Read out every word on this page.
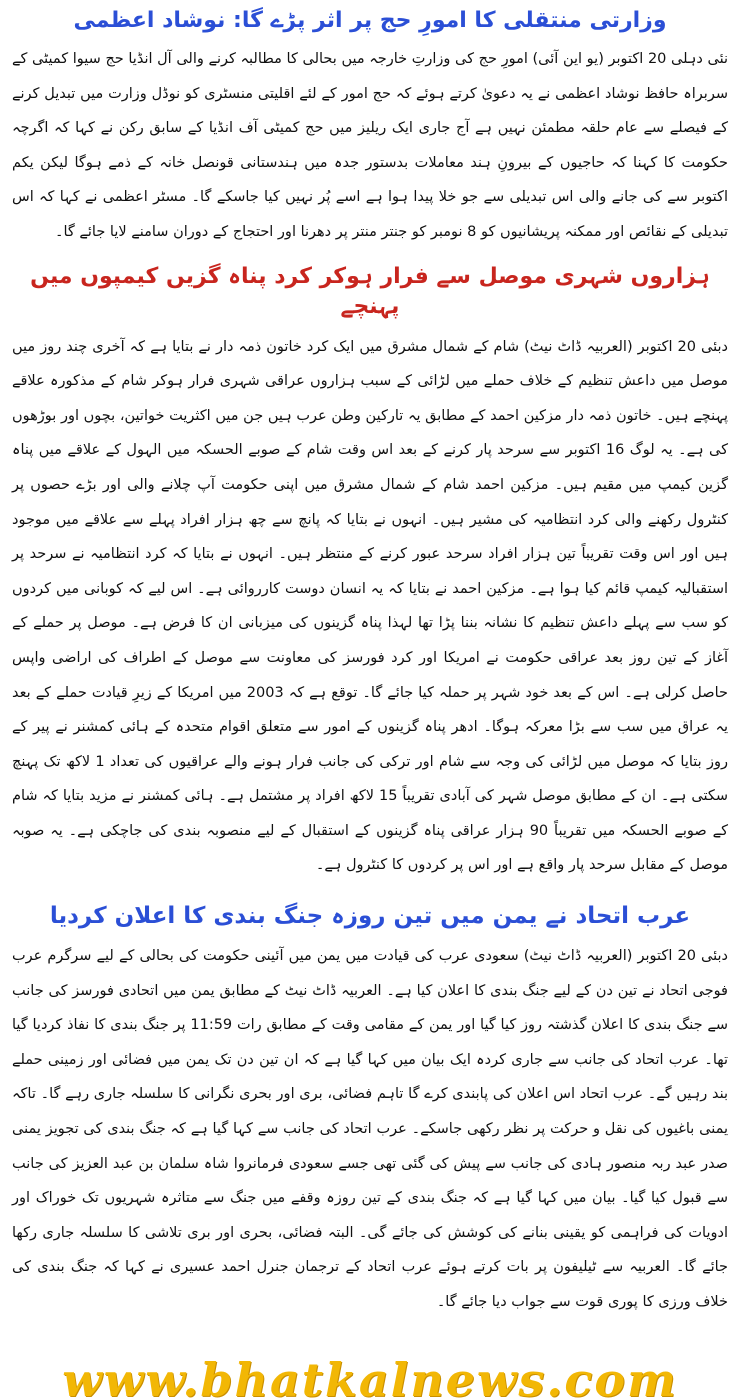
وزارتی منتقلی کا امورِ حج پر اثر پڑے گا: نوشاد اعظمی

نئی دہلی 20 اکتوبر (یو این آئی) امورِ حج کی وزارتِ خارجہ میں بحالی کا مطالبہ کرنے والی آل انڈیا حج سیوا کمیٹی کے سربراہ حافظ نوشاد اعظمی نے یہ دعویٰ کرتے ہوئے کہ حج امور کے لئے اقلیتی منسٹری کو نوڈل وزارت میں تبدیل کرنے کے فیصلے سے عام حلقہ مطمئن نہیں ہے آج جاری ایک ریلیز میں حج کمیٹی آف انڈیا کے سابق رکن نے کہا کہ اگرچہ حکومت کا کہنا کہ حاجیوں کے بیرونِ ہند معاملات بدستور جدہ میں ہندستانی قونصل خانہ کے ذمے ہوگا لیکن یکم اکتوبر سے کی جانے والی اس تبدیلی سے جو خلا پیدا ہوا ہے اسے پُر نہیں کیا جاسکے گا۔ مسٹر اعظمی نے کہا کہ اس تبدیلی کے نقائص اور ممکنہ پریشانیوں کو 8 نومبر کو جنتر منتر پر دھرنا اور احتجاج کے دوران سامنے لایا جائے گا۔

ہزاروں شہری موصل سے فرار ہوکر کرد پناہ گزیں کیمپوں میں پہنچے

دبئی 20 اکتوبر (العربیہ ڈاٹ نیٹ) شام کے شمال مشرق میں ایک کرد خاتون ذمہ دار نے بتایا ہے کہ آخری چند روز میں موصل میں داعش تنظیم کے خلاف حملے میں لڑائی کے سبب ہزاروں عراقی شہری فرار ہوکر شام کے مذکورہ علاقے پہنچے ہیں۔ خاتون ذمہ دار مزکین احمد کے مطابق یہ تارکین وطن عرب ہیں جن میں اکثریت خواتین، بچوں اور بوڑھوں کی ہے۔ یہ لوگ 16 اکتوبر سے سرحد پار کرنے کے بعد اس وقت شام کے صوبے الحسکہ میں الہول کے علاقے میں پناہ گزین کیمپ میں مقیم ہیں۔ مزکین احمد شام کے شمال مشرق میں اپنی حکومت آپ چلانے والی اور بڑے حصوں پر کنٹرول رکھنے والی کرد انتظامیہ کی مشیر ہیں۔ انہوں نے بتایا کہ پانچ سے چھ ہزار افراد پہلے سے علاقے میں موجود ہیں اور اس وقت تقریباً تین ہزار افراد سرحد عبور کرنے کے منتظر ہیں۔ انہوں نے بتایا کہ کرد انتظامیہ نے سرحد پر استقبالیہ کیمپ قائم کیا ہوا ہے۔ مزکین احمد نے بتایا کہ یہ انسان دوست کارروائی ہے۔ اس لیے کہ کوبانی میں کردوں کو سب سے پہلے داعش تنظیم کا نشانہ بننا پڑا تھا لہذا پناہ گزینوں کی میزبانی ان کا فرض ہے۔ موصل پر حملے کے آغاز کے تین روز بعد عراقی حکومت نے امریکا اور کرد فورسز کی معاونت سے موصل کے اطراف کی اراضی واپس حاصل کرلی ہے۔ اس کے بعد خود شہر پر حملہ کیا جائے گا۔ توقع ہے کہ 2003 میں امریکا کے زیرِ قیادت حملے کے بعد یہ عراق میں سب سے بڑا معرکہ ہوگا۔ ادھر پناہ گزینوں کے امور سے متعلق اقوام متحدہ کے ہائی کمشنر نے پیر کے روز بتایا کہ موصل میں لڑائی کی وجہ سے شام اور ترکی کی جانب فرار ہونے والے عراقیوں کی تعداد 1 لاکھ تک پہنچ سکتی ہے۔ ان کے مطابق موصل شہر کی آبادی تقریباً 15 لاکھ افراد پر مشتمل ہے۔ ہائی کمشنر نے مزید بتایا کہ شام کے صوبے الحسکہ میں تقریباً 90 ہزار عراقی پناہ گزینوں کے استقبال کے لیے منصوبہ بندی کی جاچکی ہے۔ یہ صوبہ موصل کے مقابل سرحد پار واقع ہے اور اس پر کردوں کا کنٹرول ہے۔

عرب اتحاد نے یمن میں تین روزہ جنگ بندی کا اعلان کردیا

دبئی 20 اکتوبر (العربیہ ڈاٹ نیٹ) سعودی عرب کی قیادت میں یمن میں آئینی حکومت کی بحالی کے لیے سرگرم عرب فوجی اتحاد نے تین دن کے لیے جنگ بندی کا اعلان کیا ہے۔ العربیہ ڈاٹ نیٹ کے مطابق یمن میں اتحادی فورسز کی جانب سے جنگ بندی کا اعلان گذشتہ روز کیا گیا اور یمن کے مقامی وقت کے مطابق رات 11:59 پر جنگ بندی کا نفاذ کردیا گیا تھا۔ عرب اتحاد کی جانب سے جاری کردہ ایک بیان میں کہا گیا ہے کہ ان تین دن تک یمن میں فضائی اور زمینی حملے بند رہیں گے۔ عرب اتحاد اس اعلان کی پابندی کرے گا تاہم فضائی، بری اور بحری نگرانی کا سلسلہ جاری رہے گا۔ تاکہ یمنی باغیوں کی نقل و حرکت پر نظر رکھی جاسکے۔ عرب اتحاد کی جانب سے کہا گیا ہے کہ جنگ بندی کی تجویز یمنی صدر عبد ربہ منصور ہادی کی جانب سے پیش کی گئی تھی جسے سعودی فرمانروا شاہ سلمان بن عبد العزیز کی جانب سے قبول کیا گیا۔ بیان میں کہا گیا ہے کہ جنگ بندی کے تین روزہ وقفے میں جنگ سے متاثرہ شہریوں تک خوراک اور ادویات کی فراہمی کو یقینی بنانے کی کوشش کی جائے گی۔ البتہ فضائی، بحری اور بری تلاشی کا سلسلہ جاری رکھا جائے گا۔ العربیہ سے ٹیلیفون پر بات کرتے ہوئے عرب اتحاد کے ترجمان جنرل احمد عسیری نے کہا کہ جنگ بندی کی خلاف ورزی کا پوری قوت سے جواب دیا جائے گا۔

www.bhatkalnews.com
